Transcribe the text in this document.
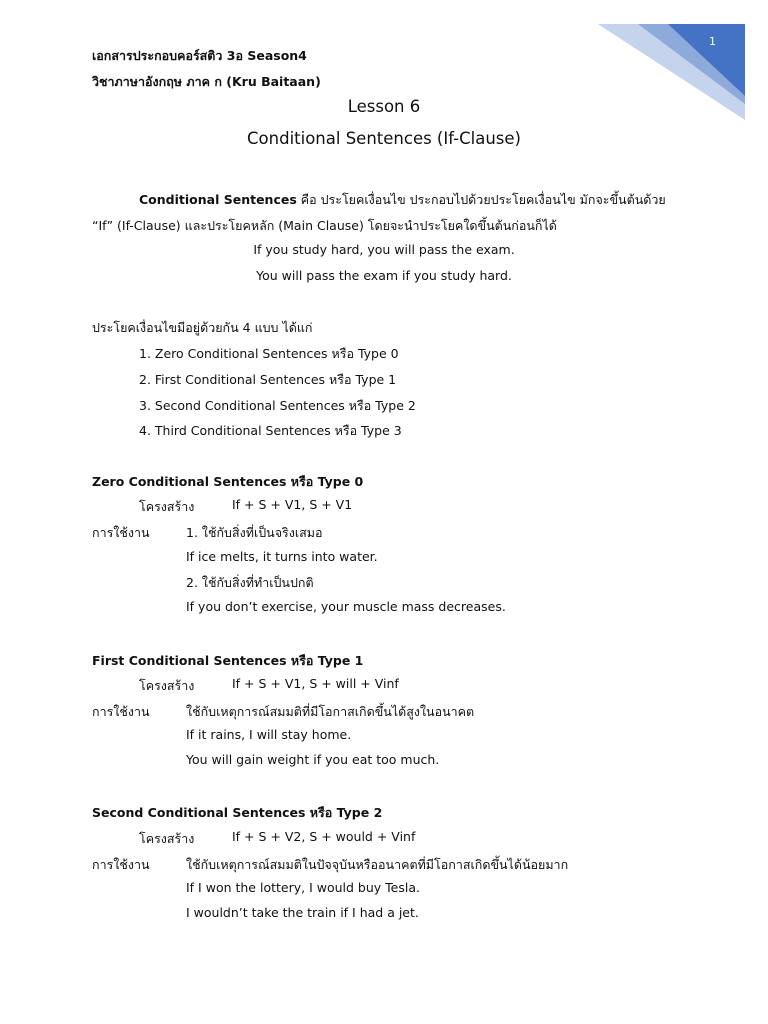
1
เอกสารประกอบคอร์สติว 3อ Season4
วิชาภาษาอังกฤษ ภาค ก (Kru Baitaan)
Lesson 6
Conditional Sentences (If-Clause)
Conditional Sentences คือ ประโยคเงื่อนไข ประกอบไปด้วยประโยคเงื่อนไข มักจะขึ้นต้นด้วย
“If” (If-Clause) และประโยคหลัก (Main Clause) โดยจะนำประโยคใดขึ้นต้นก่อนก็ได้
If you study hard, you will pass the exam.
You will pass the exam if you study hard.
ประโยคเงื่อนไขมีอยู่ด้วยกัน 4 แบบ ได้แก่
1. Zero Conditional Sentences หรือ Type 0
2. First Conditional Sentences หรือ Type 1
3. Second Conditional Sentences หรือ Type 2
4. Third Conditional Sentences หรือ Type 3
Zero Conditional Sentences หรือ Type 0
โครงสร้าง	If + S + V1, S + V1
การใช้งาน	1. ใช้กับสิ่งที่เป็นจริงเสมอ
If ice melts, it turns into water.
2. ใช้กับสิ่งที่ทำเป็นปกติ
If you don’t exercise, your muscle mass decreases.
First Conditional Sentences หรือ Type 1
โครงสร้าง	If + S + V1, S + will + Vinf
การใช้งาน	ใช้กับเหตุการณ์สมมติที่มีโอกาสเกิดขึ้นได้สูงในอนาคต
If it rains, I will stay home.
You will gain weight if you eat too much.
Second Conditional Sentences หรือ Type 2
โครงสร้าง	If + S + V2, S + would + Vinf
การใช้งาน	ใช้กับเหตุการณ์สมมติในปัจจุบันหรืออนาคตที่มีโอกาสเกิดขึ้นได้น้อยมาก
If I won the lottery, I would buy Tesla.
I wouldn’t take the train if I had a jet.
